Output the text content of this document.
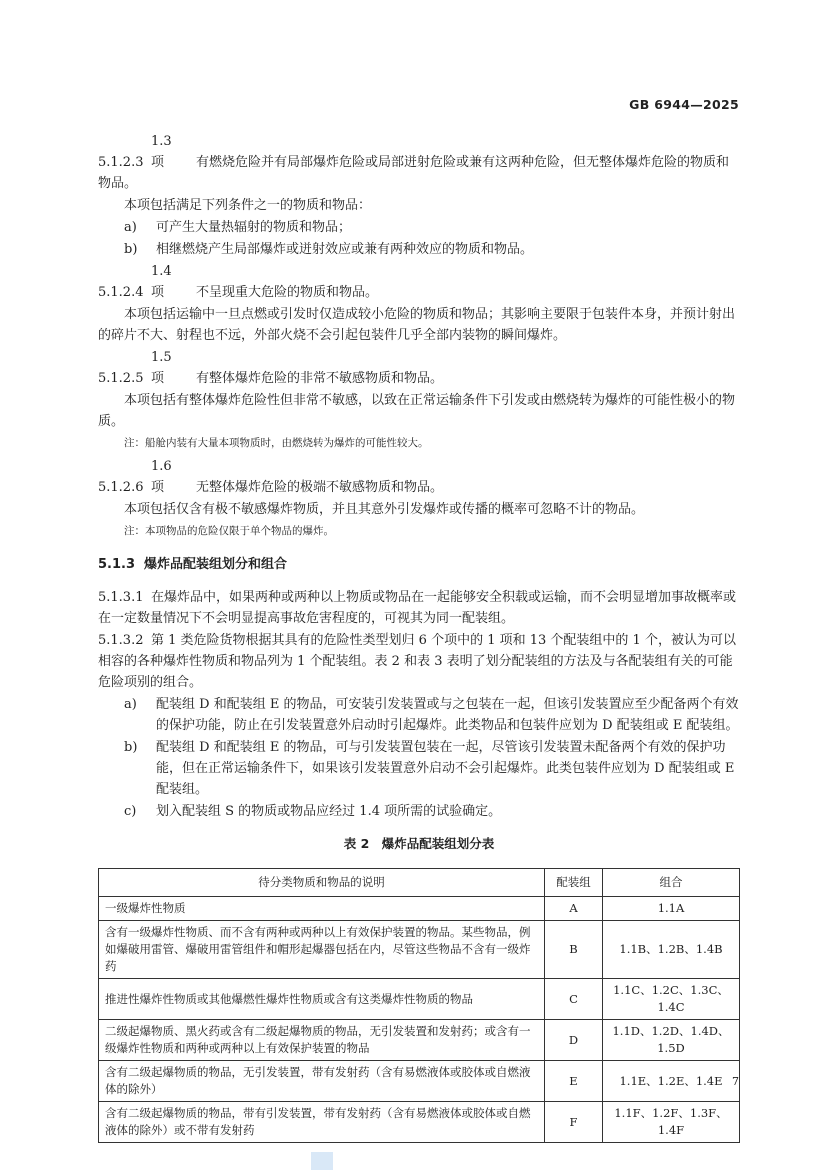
GB 6944—2025

5.1.2.3 1.3 项  有燃烧危险并有局部爆炸危险或局部迸射危险或兼有这两种危险，但无整体爆炸危险的物质和物品。

本项包括满足下列条件之一的物质和物品：

a)	可产生大量热辐射的物质和物品；
b)	相继燃烧产生局部爆炸或迸射效应或兼有两种效应的物质和物品。

5.1.2.4 1.4 项  不呈现重大危险的物质和物品。

本项包括运输中一旦点燃或引发时仅造成较小危险的物质和物品；其影响主要限于包装件本身，并预计射出的碎片不大、射程也不远，外部火烧不会引起包装件几乎全部内装物的瞬间爆炸。

5.1.2.5 1.5 项  有整体爆炸危险的非常不敏感物质和物品。

本项包括有整体爆炸危险性但非常不敏感，以致在正常运输条件下引发或由燃烧转为爆炸的可能性极小的物质。

注：船舱内装有大量本项物质时，由燃烧转为爆炸的可能性较大。

5.1.2.6 1.6 项  无整体爆炸危险的极端不敏感物质和物品。

本项包括仅含有极不敏感爆炸物质，并且其意外引发爆炸或传播的概率可忽略不计的物品。

注：本项物品的危险仅限于单个物品的爆炸。
5.1.3 爆炸品配装组划分和组合

5.1.3.1  在爆炸品中，如果两种或两种以上物质或物品在一起能够安全积载或运输，而不会明显增加事故概率或在一定数量情况下不会明显提高事故危害程度的，可视其为同一配装组。

5.1.3.2  第 1 类危险货物根据其具有的危险性类型划归 6 个项中的 1 项和 13 个配装组中的 1 个，被认为可以相容的各种爆炸性物质和物品列为 1 个配装组。表 2 和表 3 表明了划分配装组的方法及与各配装组有关的可能危险项别的组合。

a)	配装组 D 和配装组 E 的物品，可安装引发装置或与之包装在一起，但该引发装置应至少配备两个有效的保护功能，防止在引发装置意外启动时引起爆炸。此类物品和包装件应划为 D 配装组或 E 配装组。
b)	配装组 D 和配装组 E 的物品，可与引发装置包装在一起，尽管该引发装置未配备两个有效的保护功能，但在正常运输条件下，如果该引发装置意外启动不会引起爆炸。此类包装件应划为 D 配装组或 E 配装组。
c)	划入配装组 S 的物质或物品应经过 1.4 项所需的试验确定。
表 2　爆炸品配装组划分表
待分类物质和物品的说明	配装组	组合
一级爆炸性物质	A	1.1A
含有一级爆炸性物质、而不含有两种或两种以上有效保护装置的物品。某些物品，例如爆破用雷管、爆破用雷管组件和帽形起爆器包括在内，尽管这些物品不含有一级炸药	B	1.1B、1.2B、1.4B
推进性爆炸性物质或其他爆燃性爆炸性物质或含有这类爆炸性物质的物品	C	1.1C、1.2C、1.3C、1.4C
二级起爆物质、黑火药或含有二级起爆物质的物品，无引发装置和发射药；或含有一级爆炸性物质和两种或两种以上有效保护装置的物品	D	1.1D、1.2D、1.4D、1.5D
含有二级起爆物质的物品，无引发装置，带有发射药（含有易燃液体或胶体或自燃液体的除外）	E	1.1E、1.2E、1.4E
含有二级起爆物质的物品，带有引发装置，带有发射药（含有易燃液体或胶体或自燃液体的除外）或不带有发射药	F	1.1F、1.2F、1.3F、1.4F
7
